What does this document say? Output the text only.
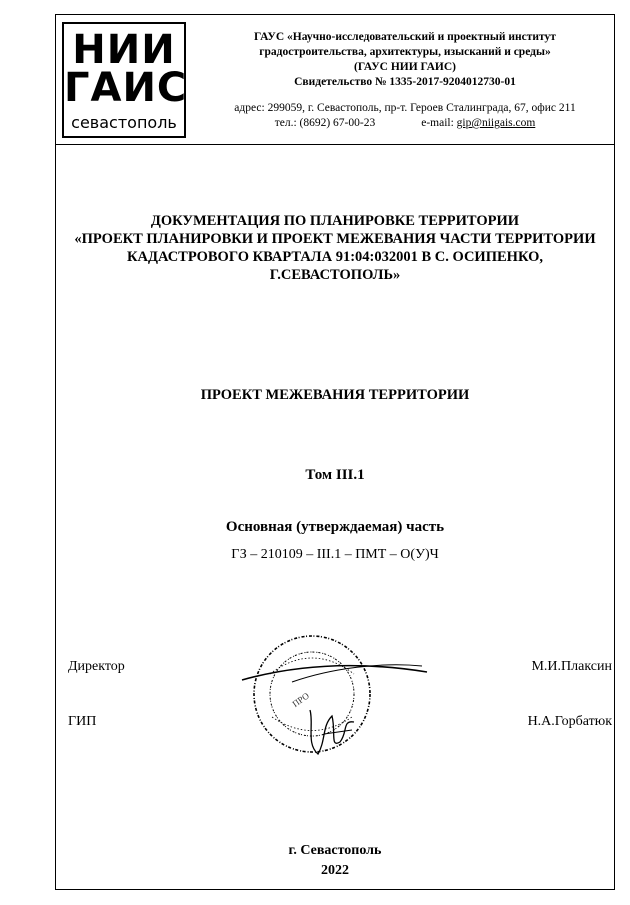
НИИ
ГАИС
севастополь
ГАУС «Научно-исследовательский и проектный институт
градостроительства, архитектуры, изысканий и среды»
(ГАУС НИИ ГАИС)
Свидетельство № 1335-2017-9204012730-01
адрес: 299059, г. Севастополь, пр-т. Героев Сталинграда, 67, офис 211
тел.: (8692) 67-00-23	e-mail: gip@niigais.com
ДОКУМЕНТАЦИЯ ПО ПЛАНИРОВКЕ ТЕРРИТОРИИ
«ПРОЕКТ ПЛАНИРОВКИ И ПРОЕКТ МЕЖЕВАНИЯ ЧАСТИ ТЕРРИТОРИИ
КАДАСТРОВОГО КВАРТАЛА 91:04:032001 В С. ОСИПЕНКО,
Г.СЕВАСТОПОЛЬ»
ПРОЕКТ МЕЖЕВАНИЯ ТЕРРИТОРИИ
Том III.1
Основная (утверждаемая) часть
ГЗ – 210109 – III.1 – ПМТ – О(У)Ч
Директор	М.И.Плаксин
ГИП	Н.А.Горбатюк
ПРО
г. Севастополь
2022
